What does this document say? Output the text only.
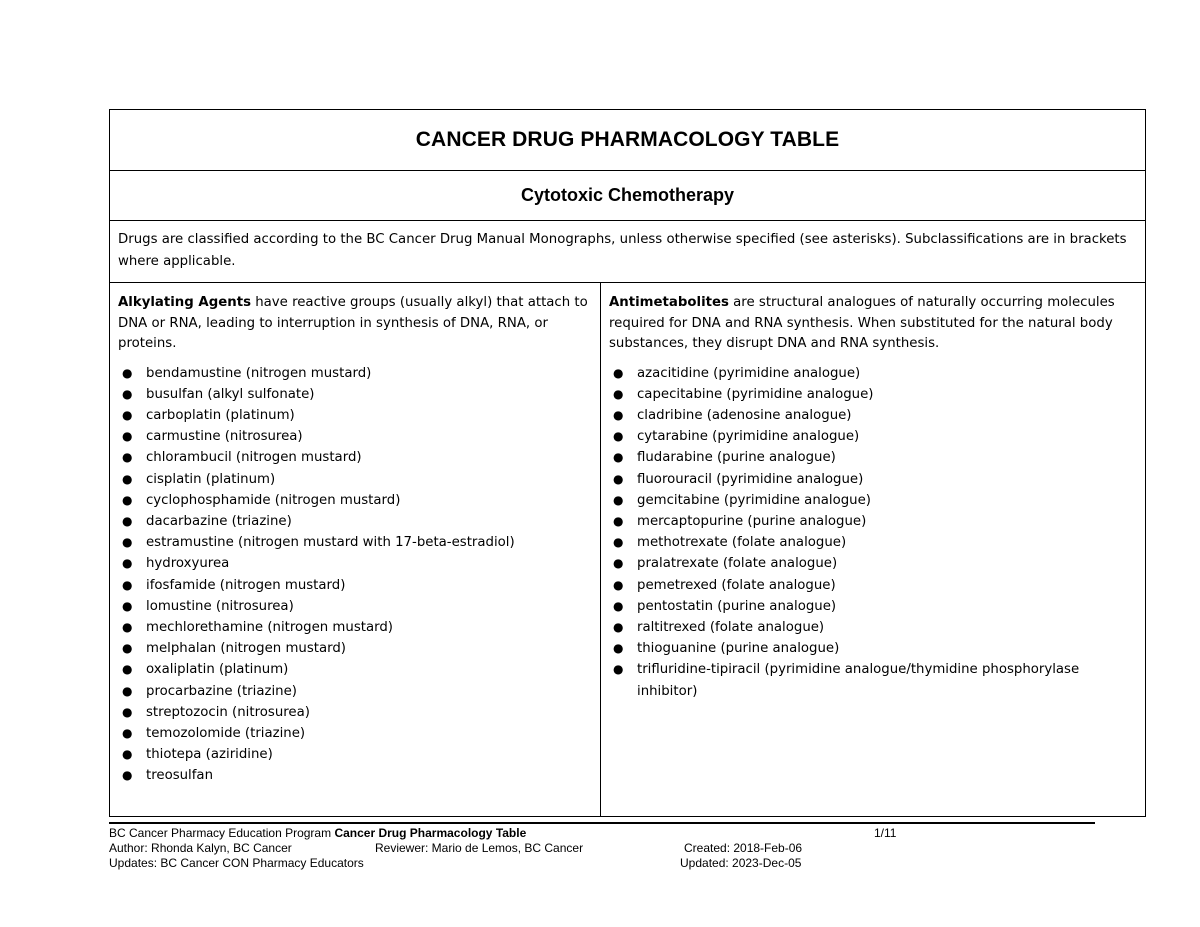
CANCER DRUG PHARMACOLOGY TABLE
Cytotoxic Chemotherapy
Drugs are classified according to the BC Cancer Drug Manual Monographs, unless otherwise specified (see asterisks). Subclassifications are in brackets where applicable.

Alkylating Agents have reactive groups (usually alkyl) that attach to DNA or RNA, leading to interruption in synthesis of DNA, RNA, or proteins.

● bendamustine (nitrogen mustard)
● busulfan (alkyl sulfonate)
● carboplatin (platinum)
● carmustine (nitrosurea)
● chlorambucil (nitrogen mustard)
● cisplatin (platinum)
● cyclophosphamide (nitrogen mustard)
● dacarbazine (triazine)
● estramustine (nitrogen mustard with 17-beta-estradiol)
● hydroxyurea
● ifosfamide (nitrogen mustard)
● lomustine (nitrosurea)
● mechlorethamine (nitrogen mustard)
● melphalan (nitrogen mustard)
● oxaliplatin (platinum)
● procarbazine (triazine)
● streptozocin (nitrosurea)
● temozolomide (triazine)
● thiotepa (aziridine)
● treosulfan

Antimetabolites are structural analogues of naturally occurring molecules required for DNA and RNA synthesis. When substituted for the natural body substances, they disrupt DNA and RNA synthesis.

● azacitidine (pyrimidine analogue)
● capecitabine (pyrimidine analogue)
● cladribine (adenosine analogue)
● cytarabine (pyrimidine analogue)
● fludarabine (purine analogue)
● fluorouracil (pyrimidine analogue)
● gemcitabine (pyrimidine analogue)
● mercaptopurine (purine analogue)
● methotrexate (folate analogue)
● pralatrexate (folate analogue)
● pemetrexed (folate analogue)
● pentostatin (purine analogue)
● raltitrexed (folate analogue)
● thioguanine (purine analogue)
● trifluridine-tipiracil (pyrimidine analogue/thymidine phosphorylase inhibitor)
BC Cancer Pharmacy Education Program Cancer Drug Pharmacology Table	1/11
Author: Rhonda Kalyn, BC Cancer	Reviewer: Mario de Lemos, BC Cancer	Created: 2018-Feb-06
Updates: BC Cancer CON Pharmacy Educators	Updated: 2023-Dec-05
